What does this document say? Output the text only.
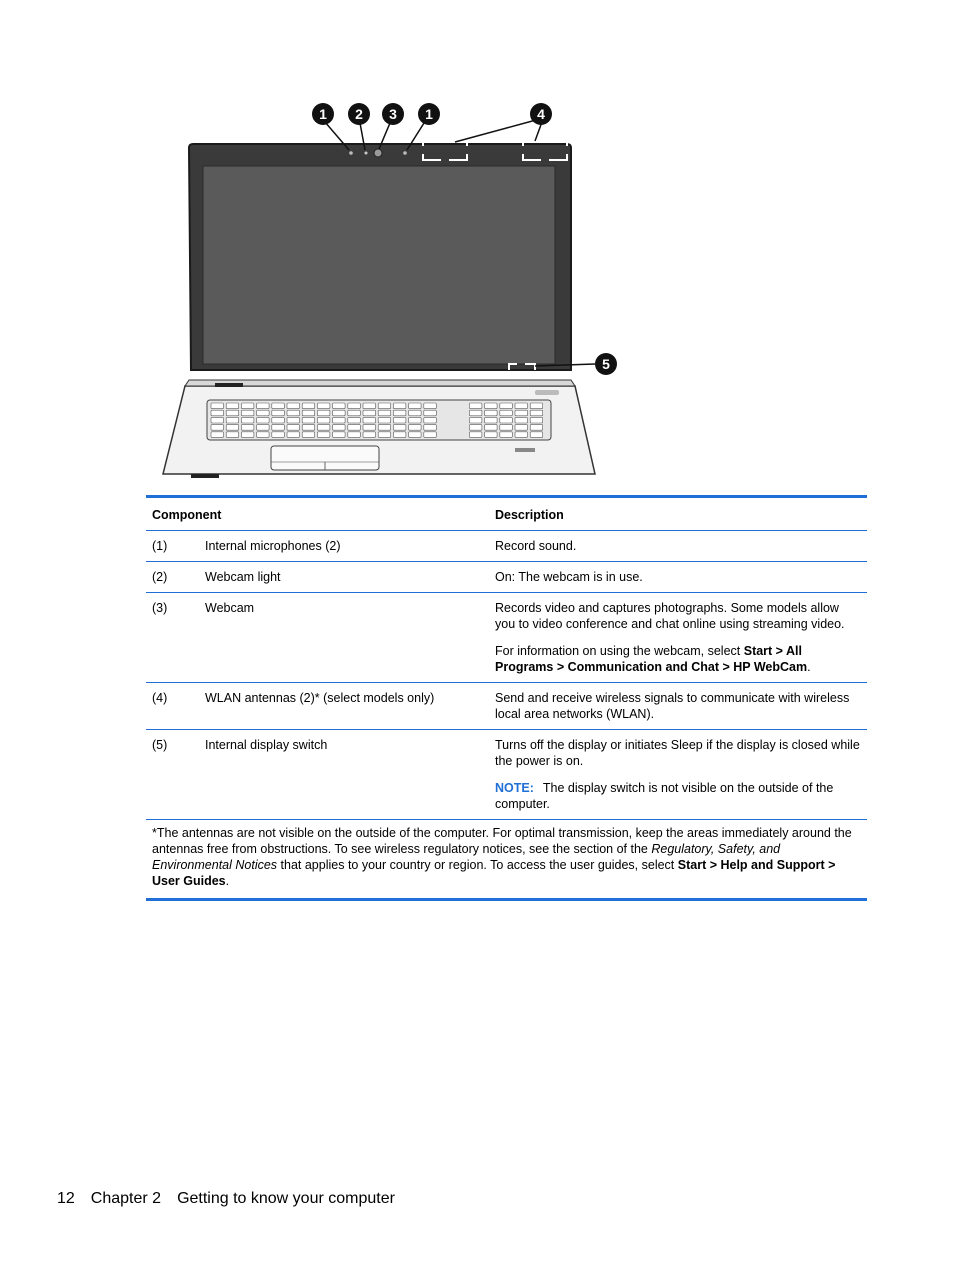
1 2 3 1	4
5
Component	Description
(1)	Internal microphones (2)	Record sound.

(2)	Webcam light	On: The webcam is in use.

(3)	Webcam	Records video and captures photographs. Some models allow you to video conference and chat online using streaming video.

For information on using the webcam, select Start > All Programs > Communication and Chat > HP WebCam.

(4)	WLAN antennas (2)* (select models only)	Send and receive wireless signals to communicate with wireless local area networks (WLAN).

(5)	Internal display switch	Turns off the display or initiates Sleep if the display is closed while the power is on.

NOTE: The display switch is not visible on the outside of the computer.

*The antennas are not visible on the outside of the computer. For optimal transmission, keep the areas immediately around the antennas free from obstructions. To see wireless regulatory notices, see the section of the Regulatory, Safety, and Environmental Notices that applies to your country or region. To access the user guides, select Start > Help and Support > User Guides.

12 Chapter 2 Getting to know your computer
